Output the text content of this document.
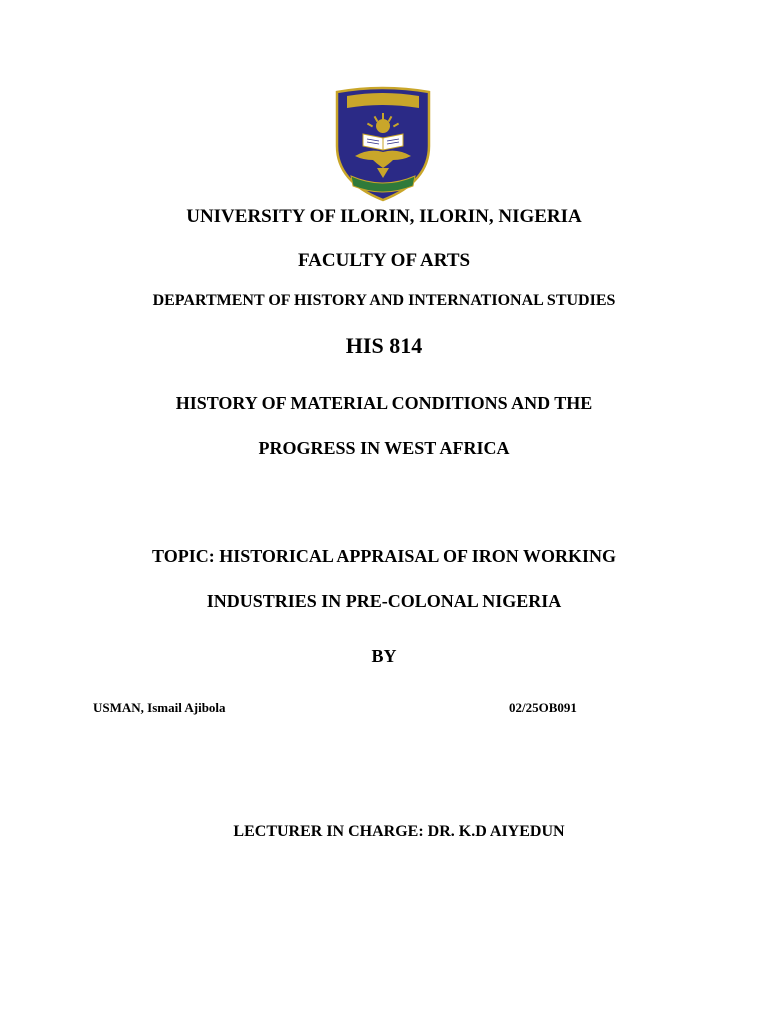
UNIVERSITY OF ILORIN, ILORIN, NIGERIA
FACULTY OF ARTS
DEPARTMENT OF HISTORY AND INTERNATIONAL STUDIES
HIS 814
HISTORY OF MATERIAL CONDITIONS AND THE
PROGRESS IN WEST AFRICA
TOPIC: HISTORICAL APPRAISAL OF IRON WORKING
INDUSTRIES IN PRE-COLONAL NIGERIA
BY
USMAN, Ismail Ajibola	02/25OB091
LECTURER IN CHARGE: DR. K.D AIYEDUN
